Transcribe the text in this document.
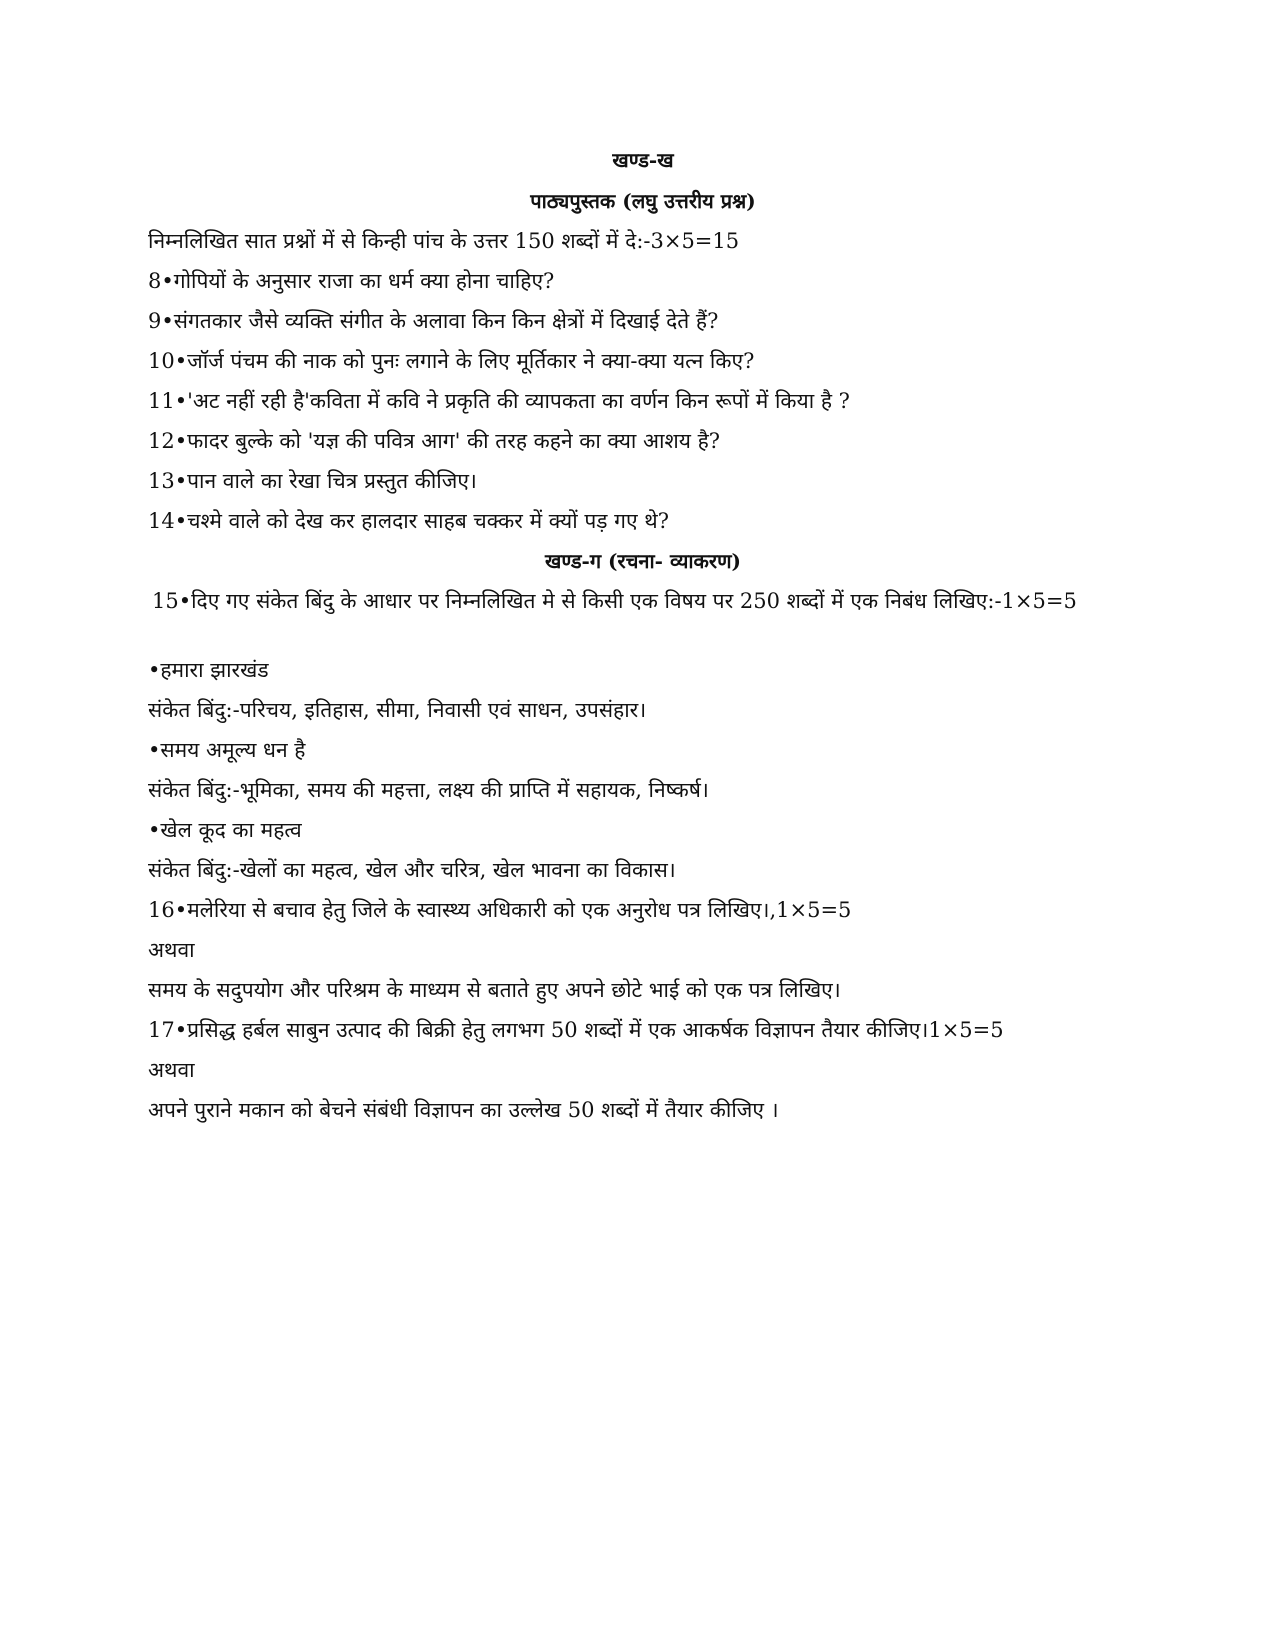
खण्ड-ख
पाठ्यपुस्तक (लघु उत्तरीय प्रश्न)
निम्नलिखित सात प्रश्नों में से किन्ही पांच के उत्तर 150 शब्दों में दे:-3×5=15
8•गोपियों के अनुसार राजा का धर्म क्या होना चाहिए?
9•संगतकार जैसे व्यक्ति संगीत के अलावा किन किन क्षेत्रों में दिखाई देते हैं?
10•जॉर्ज पंचम की नाक को पुनः लगाने के लिए मूर्तिकार ने क्या-क्या यत्न किए?
11•'अट नहीं रही है'कविता में कवि ने प्रकृति की व्यापकता का वर्णन किन रूपों में किया है ?
12•फादर बुल्के को 'यज्ञ की पवित्र आग' की तरह कहने का क्या आशय है?
13•पान वाले का रेखा चित्र प्रस्तुत कीजिए।
14•चश्मे वाले को देख कर हालदार साहब चक्कर में क्यों पड़ गए थे?
खण्ड-ग (रचना- व्याकरण)
15•दिए गए संकेत बिंदु के आधार पर निम्नलिखित मे से किसी एक विषय पर 250 शब्दों में एक निबंध लिखिए:-1×5=5
•हमारा झारखंड
संकेत बिंदु:-परिचय, इतिहास, सीमा, निवासी एवं साधन, उपसंहार।
•समय अमूल्य धन है
संकेत बिंदु:-भूमिका, समय की महत्ता, लक्ष्य की प्राप्ति में सहायक, निष्कर्ष।
•खेल कूद का महत्व
संकेत बिंदु:-खेलों का महत्व, खेल और चरित्र, खेल भावना का विकास।
16•मलेरिया से बचाव हेतु जिले के स्वास्थ्य अधिकारी को एक अनुरोध पत्र लिखिए।,1×5=5
अथवा
समय के सदुपयोग और परिश्रम के माध्यम से बताते हुए अपने छोटे भाई को एक पत्र लिखिए।
17•प्रसिद्ध हर्बल साबुन उत्पाद की बिक्री हेतु लगभग 50 शब्दों में एक आकर्षक विज्ञापन तैयार कीजिए।1×5=5
अथवा
अपने पुराने मकान को बेचने संबंधी विज्ञापन का उल्लेख 50 शब्दों में तैयार कीजिए ।
